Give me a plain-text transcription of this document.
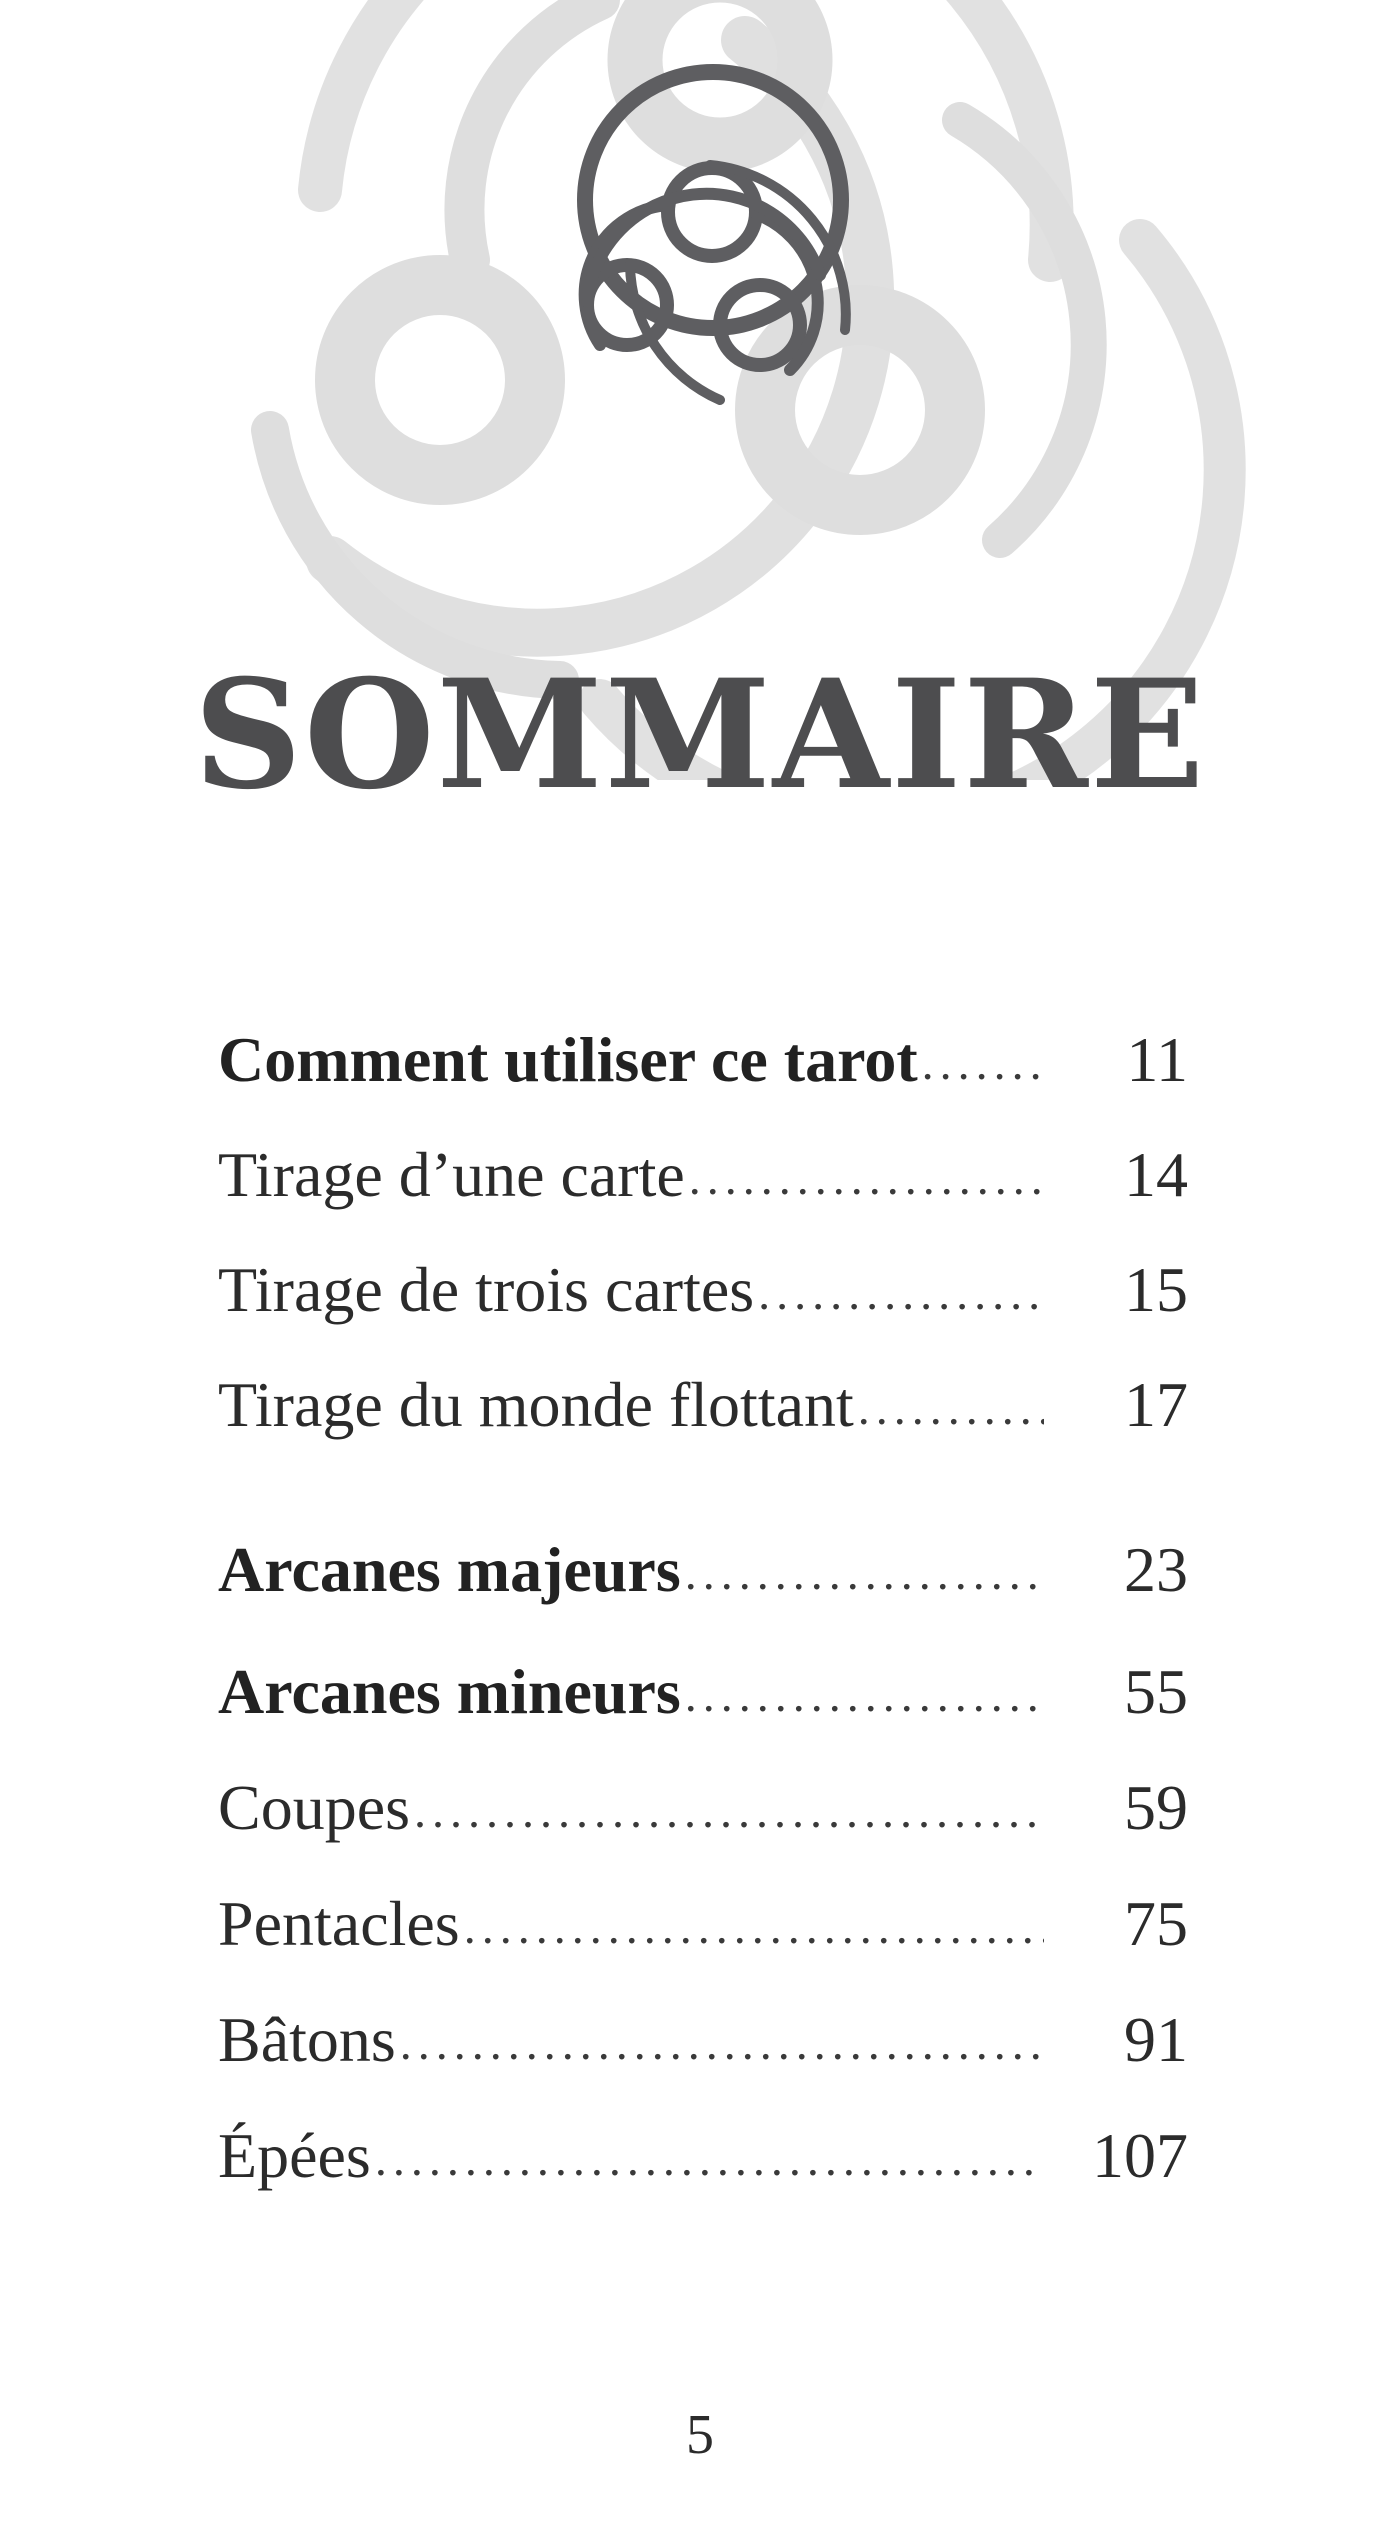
SOMMAIRE
Comment utiliser ce tarot .....	11
Tirage d’une carte .....	14
Tirage de trois cartes .....	15
Tirage du monde flottant .....	17
Arcanes majeurs .....	23
Arcanes mineurs .....	55
Coupes .....	59
Pentacles .....	75
Bâtons .....	91
Épées .....	107
5
